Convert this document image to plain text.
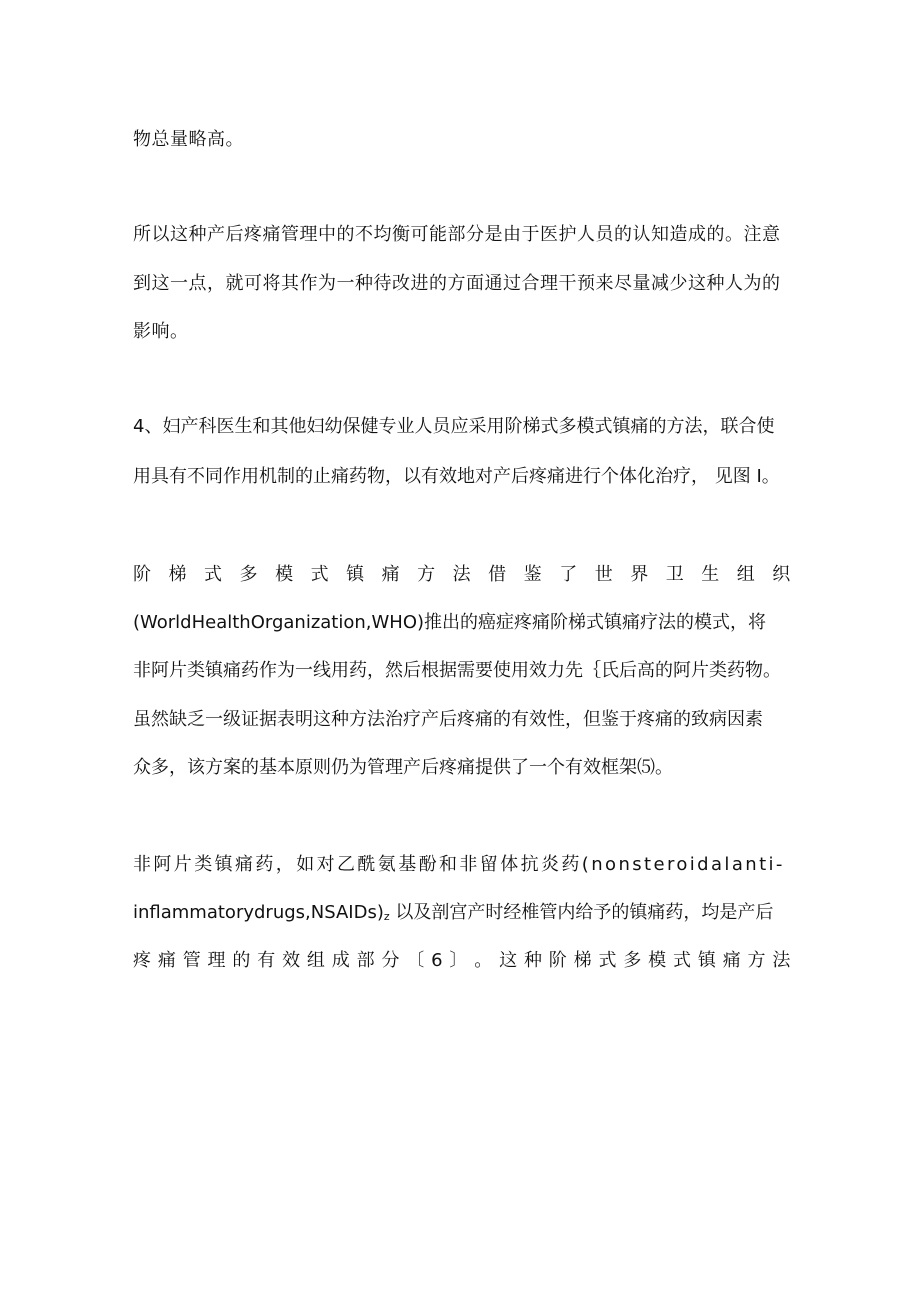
物总量略高。
所以这种产后疼痛管理中的不均衡可能部分是由于医护人员的认知造成的。注意
到这一点，就可将其作为一种待改进的方面通过合理干预来尽量减少这种人为的
影响。
4、妇产科医生和其他妇幼保健专业人员应采用阶梯式多模式镇痛的方法，联合使
用具有不同作用机制的止痛药物，以有效地对产后疼痛进行个体化治疗， 见图 I。
阶 梯 式 多 模 式 镇 痛 方 法 借 鉴 了 世 界 卫 生 组 织
(WorldHealthOrganization,WHO)推出的癌症疼痛阶梯式镇痛疗法的模式，将
非阿片类镇痛药作为一线用药，然后根据需要使用效力先｛氏后高的阿片类药物。
虽然缺乏一级证据表明这种方法治疗产后疼痛的有效性，但鉴于疼痛的致病因素
众多，该方案的基本原则仍为管理产后疼痛提供了一个有效框架⑸。
非阿片类镇痛药，如对乙酰氨基酚和非留体抗炎药(nonsteroidalanti-
inflammatorydrugs,NSAIDs)z 以及剖宫产时经椎管内给予的镇痛药，均是产后
疼 痛 管 理 的 有 效 组 成 部 分 〔 6 〕 。 这 种 阶 梯 式 多 模 式 镇 痛 方 法
